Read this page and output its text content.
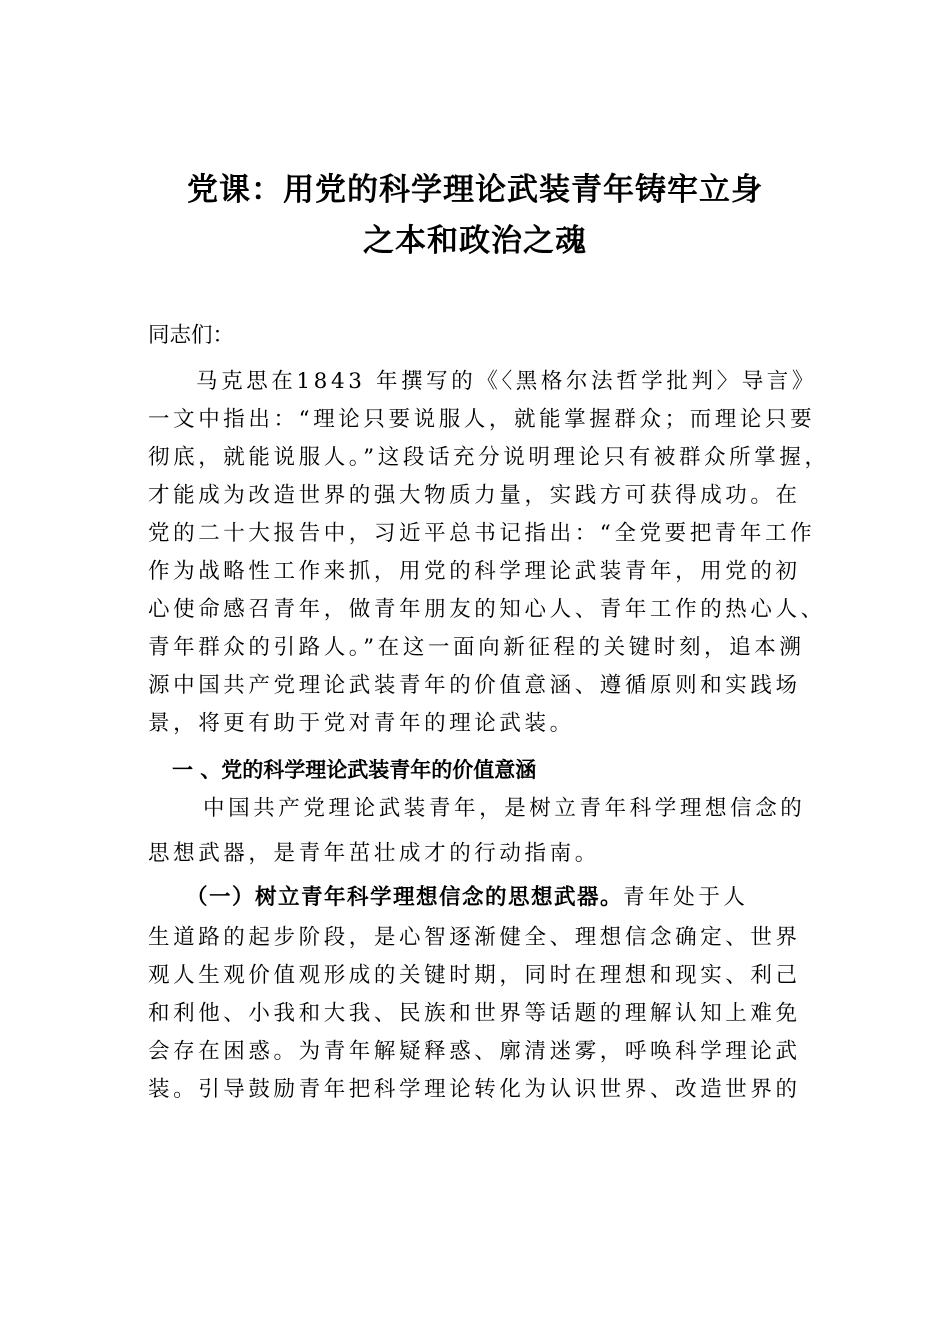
党课：用党的科学理论武装青年铸牢立身
之本和政治之魂
同志们：
马克思在1843 年撰写的《〈黑格尔法哲学批判〉导言》
一文中指出：“理论只要说服人，就能掌握群众；而理论只要
彻底，就能说服人。”这段话充分说明理论只有被群众所掌握，
才能成为改造世界的强大物质力量，实践方可获得成功。在
党的二十大报告中，习近平总书记指出：“全党要把青年工作
作为战略性工作来抓，用党的科学理论武装青年，用党的初
心使命感召青年，做青年朋友的知心人、青年工作的热心人、
青年群众的引路人。”在这一面向新征程的关键时刻，追本溯
源中国共产党理论武装青年的价值意涵、遵循原则和实践场
景，将更有助于党对青年的理论武装。
一 、党的科学理论武装青年的价值意涵
中国共产党理论武装青年，是树立青年科学理想信念的
思想武器，是青年茁壮成才的行动指南。
（一）树立青年科学理想信念的思想武器。青年处于人
生道路的起步阶段，是心智逐渐健全、理想信念确定、世界
观人生观价值观形成的关键时期，同时在理想和现实、利己
和利他、小我和大我、民族和世界等话题的理解认知上难免
会存在困惑。为青年解疑释惑、廓清迷雾，呼唤科学理论武
装。引导鼓励青年把科学理论转化为认识世界、改造世界的
